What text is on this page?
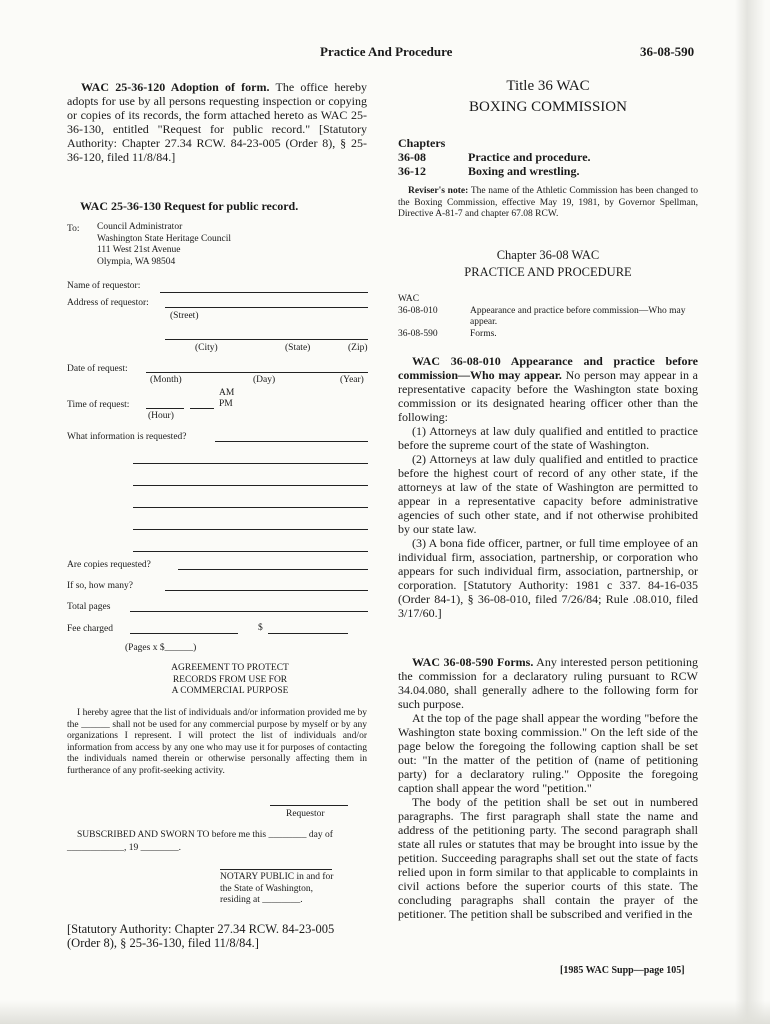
Practice And Procedure	36-08-590

WAC 25-36-120 Adoption of form. The office hereby adopts for use by all persons requesting inspection or copying or copies of its records, the form attached hereto as WAC 25-36-130, entitled "Request for public record." [Statutory Authority: Chapter 27.34 RCW. 84-23-005 (Order 8), § 25-36-120, filed 11/8/84.]

WAC 25-36-130 Request for public record.
To: Council Administrator
Washington State Heritage Council
111 West 21st Avenue
Olympia, WA 98504
Name of requestor:
Address of requestor:
(Street)
(City)	(State)	(Zip)
Date of request:
(Month)	(Day)	(Year)
AM
Time of request:	PM
(Hour)
What information is requested?
Are copies requested?
If so, how many?
Total pages
Fee charged	$
(Pages x $______)
AGREEMENT TO PROTECT
RECORDS FROM USE FOR
A COMMERCIAL PURPOSE
I hereby agree that the list of individuals and/or information provided me by the ______ shall not be used for any commercial purpose by myself or by any organizations I represent. I will protect the list of individuals and/or information from access by any one who may use it for purposes of contacting the individuals named therein or otherwise personally affecting them in furtherance of any profit-seeking activity.
Requestor
SUBSCRIBED AND SWORN TO before me this ________ day of ____________, 19 ________.
NOTARY PUBLIC in and for
the State of Washington,
residing at ________.
[Statutory Authority: Chapter 27.34 RCW. 84-23-005 (Order 8), § 25-36-130, filed 11/8/84.]
Title 36 WAC
BOXING COMMISSION
Chapters
36-08	Practice and procedure.
36-12	Boxing and wrestling.
Reviser's note: The name of the Athletic Commission has been changed to the Boxing Commission, effective May 19, 1981, by Governor Spellman, Directive A-81-7 and chapter 67.08 RCW.
Chapter 36-08 WAC
PRACTICE AND PROCEDURE
WAC
36-08-010	Appearance and practice before commission—Who may appear.
36-08-590	Forms.

WAC 36-08-010 Appearance and practice before commission—Who may appear. No person may appear in a representative capacity before the Washington state boxing commission or its designated hearing officer other than the following:

(1) Attorneys at law duly qualified and entitled to practice before the supreme court of the state of Washington.

(2) Attorneys at law duly qualified and entitled to practice before the highest court of record of any other state, if the attorneys at law of the state of Washington are permitted to appear in a representative capacity before administrative agencies of such other state, and if not otherwise prohibited by our state law.

(3) A bona fide officer, partner, or full time employee of an individual firm, association, partnership, or corporation who appears for such individual firm, association, partnership, or corporation. [Statutory Authority: 1981 c 337. 84-16-035 (Order 84-1), § 36-08-010, filed 7/26/84; Rule .08.010, filed 3/17/60.]

WAC 36-08-590 Forms. Any interested person petitioning the commission for a declaratory ruling pursuant to RCW 34.04.080, shall generally adhere to the following form for such purpose.

At the top of the page shall appear the wording "before the Washington state boxing commission." On the left side of the page below the foregoing the following caption shall be set out: "In the matter of the petition of (name of petitioning party) for a declaratory ruling." Opposite the foregoing caption shall appear the word "petition."

The body of the petition shall be set out in numbered paragraphs. The first paragraph shall state the name and address of the petitioning party. The second paragraph shall state all rules or statutes that may be brought into issue by the petition. Succeeding paragraphs shall set out the state of facts relied upon in form similar to that applicable to complaints in civil actions before the superior courts of this state. The concluding paragraphs shall contain the prayer of the petitioner. The petition shall be subscribed and verified in the

[1985 WAC Supp—page 105]
